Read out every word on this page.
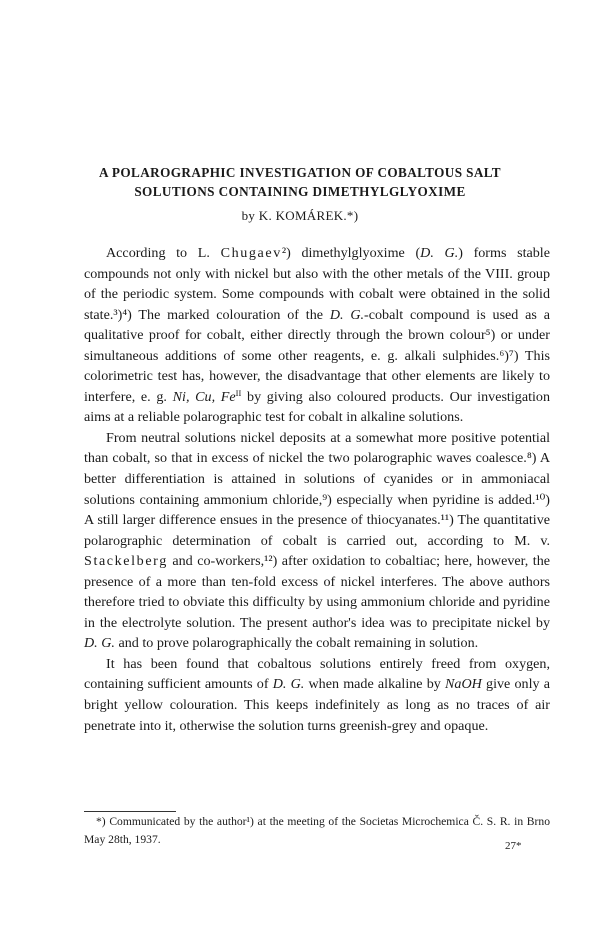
A POLAROGRAPHIC INVESTIGATION OF COBALTOUS SALT
SOLUTIONS CONTAINING DIMETHYLGLYOXIME
by K. KOMÁREK.*)

According to L. Chugaev²) dimethylglyoxime (D. G.) forms stable compounds not only with nickel but also with the other metals of the VIII. group of the periodic system. Some compounds with cobalt were obtained in the solid state.³)⁴) The marked colouration of the D. G.-cobalt compound is used as a qualitative proof for cobalt, either directly through the brown colour⁵) or under simultaneous additions of some other reagents, e. g. alkali sulphides.⁶)⁷) This colorimetric test has, however, the disadvantage that other elements are likely to interfere, e. g. Ni, Cu, $Fe^{II}$ by giving also coloured products. Our investigation aims at a reliable polarographic test for cobalt in alkaline solutions.

From neutral solutions nickel deposits at a somewhat more positive potential than cobalt, so that in excess of nickel the two polarographic waves coalesce.⁸) A better differentiation is attained in solutions of cyanides or in ammoniacal solutions containing ammonium chloride,⁹) especially when pyridine is added.¹⁰) A still larger difference ensues in the presence of thiocyanates.¹¹) The quantitative polarographic determination of cobalt is carried out, according to M. v. Stackelberg and co-workers,¹²) after oxidation to cobaltiac; here, however, the presence of a more than ten-fold excess of nickel interferes. The above authors therefore tried to obviate this difficulty by using ammonium chloride and pyridine in the electrolyte solution. The present author's idea was to precipitate nickel by D. G. and to prove polarographically the cobalt remaining in solution.

It has been found that cobaltous solutions entirely freed from oxygen, containing sufficient amounts of D. G. when made alkaline by NaOH give only a bright yellow colouration. This keeps indefinitely as long as no traces of air penetrate into it, otherwise the solution turns greenish-grey and opaque.

*) Communicated by the author¹) at the meeting of the Societas Microchemica Č. S. R. in Brno May 28th, 1937.

27*
